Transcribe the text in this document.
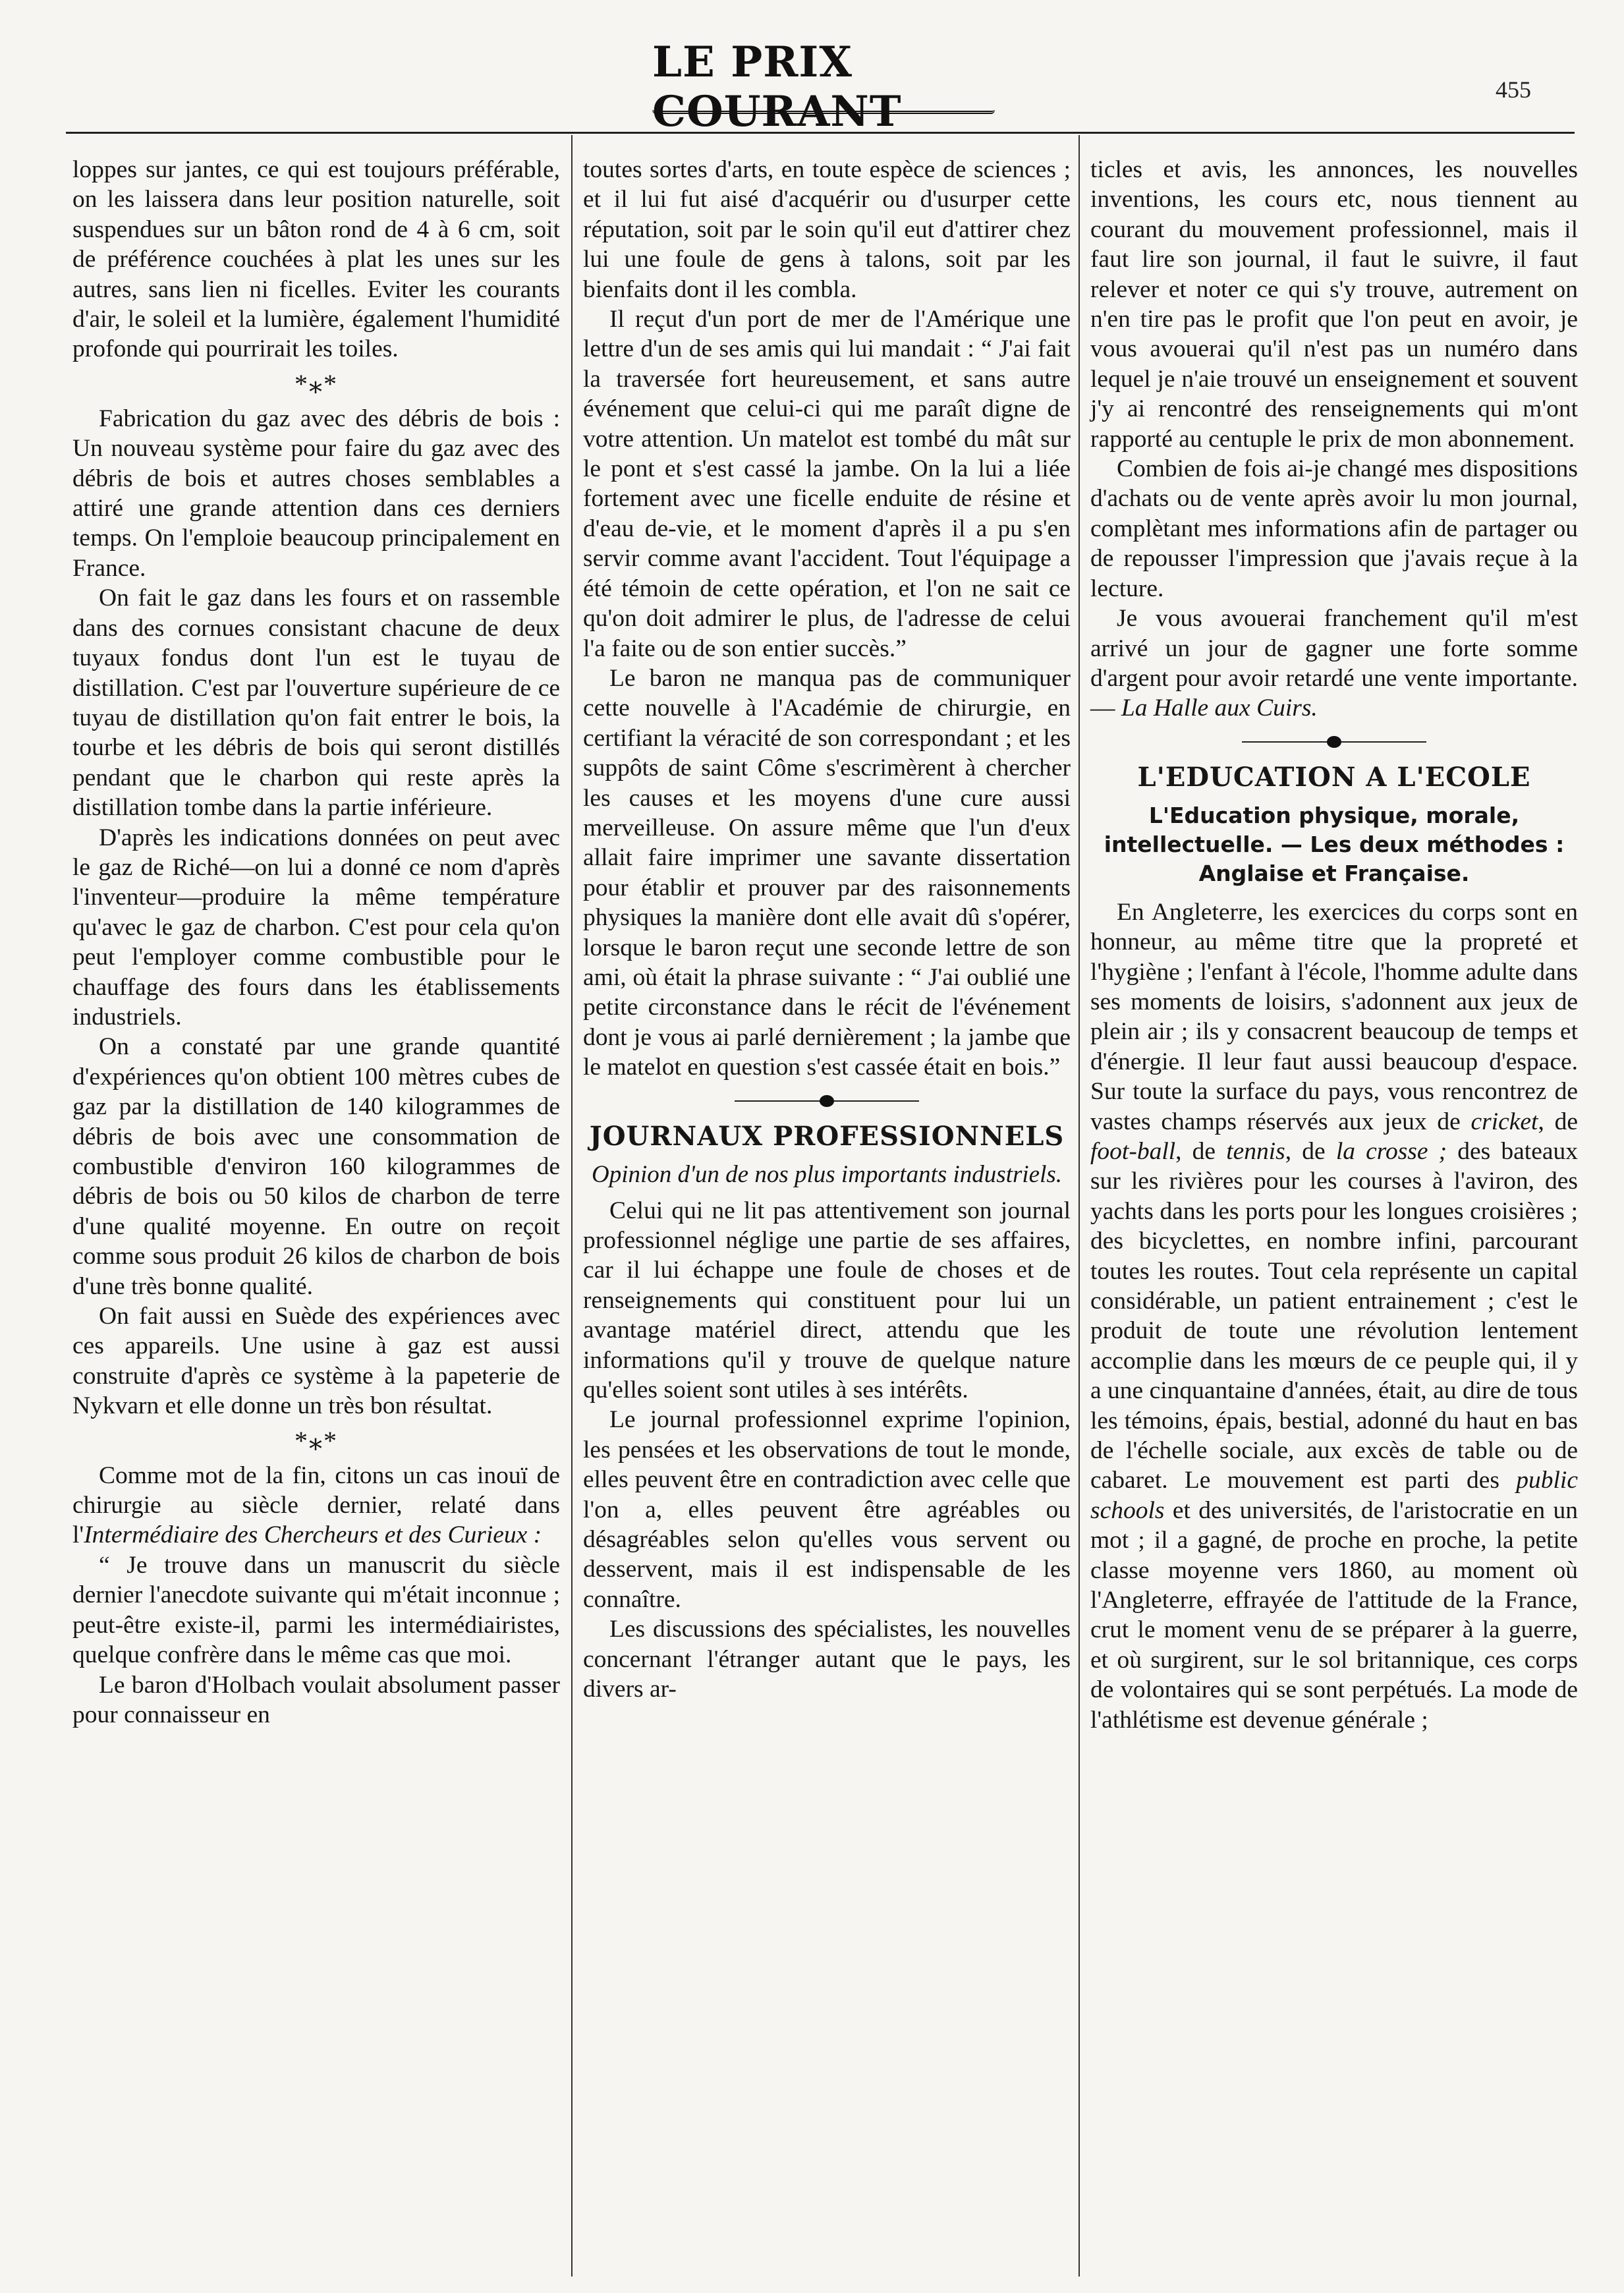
LE PRIX COURANT	455

loppes sur jantes, ce qui est toujours préférable, on les laissera dans leur position naturelle, soit suspendues sur un bâton rond de 4 à 6 cm, soit de préférence couchées à plat les unes sur les autres, sans lien ni ficelles. Eviter les courants d'air, le soleil et la lumière, également l'humidité profonde qui pourrirait les toiles.

*⁎*

Fabrication du gaz avec des débris de bois : Un nouveau système pour faire du gaz avec des débris de bois et autres choses semblables a attiré une grande attention dans ces derniers temps. On l'emploie beaucoup principalement en France.

On fait le gaz dans les fours et on rassemble dans des cornues consistant chacune de deux tuyaux fondus dont l'un est le tuyau de distillation. C'est par l'ouverture supérieure de ce tuyau de distillation qu'on fait entrer le bois, la tourbe et les débris de bois qui seront distillés pendant que le charbon qui reste après la distillation tombe dans la partie inférieure.

D'après les indications données on peut avec le gaz de Riché—on lui a donné ce nom d'après l'inventeur—produire la même température qu'avec le gaz de charbon. C'est pour cela qu'on peut l'employer comme combustible pour le chauffage des fours dans les établissements industriels.

On a constaté par une grande quantité d'expériences qu'on obtient 100 mètres cubes de gaz par la distillation de 140 kilogrammes de débris de bois avec une consommation de combustible d'environ 160 kilogrammes de débris de bois ou 50 kilos de charbon de terre d'une qualité moyenne. En outre on reçoit comme sous produit 26 kilos de charbon de bois d'une très bonne qualité.

On fait aussi en Suède des expériences avec ces appareils. Une usine à gaz est aussi construite d'après ce système à la papeterie de Nykvarn et elle donne un très bon résultat.

*⁎*

Comme mot de la fin, citons un cas inouï de chirurgie au siècle dernier, relaté dans l'Intermédiaire des Chercheurs et des Curieux :

“ Je trouve dans un manuscrit du siècle dernier l'anecdote suivante qui m'était inconnue ; peut-être existe-il, parmi les intermédiairistes, quelque confrère dans le même cas que moi.

Le baron d'Holbach voulait absolument passer pour connaisseur en

toutes sortes d'arts, en toute espèce de sciences ; et il lui fut aisé d'acquérir ou d'usurper cette réputation, soit par le soin qu'il eut d'attirer chez lui une foule de gens à talons, soit par les bienfaits dont il les combla.

Il reçut d'un port de mer de l'Amérique une lettre d'un de ses amis qui lui mandait : “ J'ai fait la traversée fort heureusement, et sans autre événement que celui-ci qui me paraît digne de votre attention. Un matelot est tombé du mât sur le pont et s'est cassé la jambe. On la lui a liée fortement avec une ficelle enduite de résine et d'eau de-vie, et le moment d'après il a pu s'en servir comme avant l'accident. Tout l'équipage a été témoin de cette opération, et l'on ne sait ce qu'on doit admirer le plus, de l'adresse de celui l'a faite ou de son entier succès.”

Le baron ne manqua pas de communiquer cette nouvelle à l'Académie de chirurgie, en certifiant la véracité de son correspondant ; et les suppôts de saint Côme s'escrimèrent à chercher les causes et les moyens d'une cure aussi merveilleuse. On assure même que l'un d'eux allait faire imprimer une savante dissertation pour établir et prouver par des raisonnements physiques la manière dont elle avait dû s'opérer, lorsque le baron reçut une seconde lettre de son ami, où était la phrase suivante : “ J'ai oublié une petite circonstance dans le récit de l'événement dont je vous ai parlé dernièrement ; la jambe que le matelot en question s'est cassée était en bois.”

JOURNAUX PROFESSIONNELS
Opinion d'un de nos plus importants industriels.

Celui qui ne lit pas attentivement son journal professionnel néglige une partie de ses affaires, car il lui échappe une foule de choses et de renseignements qui constituent pour lui un avantage matériel direct, attendu que les informations qu'il y trouve de quelque nature qu'elles soient sont utiles à ses intérêts.

Le journal professionnel exprime l'opinion, les pensées et les observations de tout le monde, elles peuvent être en contradiction avec celle que l'on a, elles peuvent être agréables ou désagréables selon qu'elles vous servent ou desservent, mais il est indispensable de les connaître.

Les discussions des spécialistes, les nouvelles concernant l'étranger autant que le pays, les divers ar-

ticles et avis, les annonces, les nouvelles inventions, les cours etc, nous tiennent au courant du mouvement professionnel, mais il faut lire son journal, il faut le suivre, il faut relever et noter ce qui s'y trouve, autrement on n'en tire pas le profit que l'on peut en avoir, je vous avouerai qu'il n'est pas un numéro dans lequel je n'aie trouvé un enseignement et souvent j'y ai rencontré des renseignements qui m'ont rapporté au centuple le prix de mon abonnement.

Combien de fois ai-je changé mes dispositions d'achats ou de vente après avoir lu mon journal, complètant mes informations afin de partager ou de repousser l'impression que j'avais reçue à la lecture.

Je vous avouerai franchement qu'il m'est arrivé un jour de gagner une forte somme d'argent pour avoir retardé une vente importante.— La Halle aux Cuirs.

L'EDUCATION A L'ECOLE
L'Education physique, morale, intellectuelle. — Les deux méthodes : Anglaise et Française.

En Angleterre, les exercices du corps sont en honneur, au même titre que la propreté et l'hygiène ; l'enfant à l'école, l'homme adulte dans ses moments de loisirs, s'adonnent aux jeux de plein air ; ils y consacrent beaucoup de temps et d'énergie. Il leur faut aussi beaucoup d'espace. Sur toute la surface du pays, vous rencontrez de vastes champs réservés aux jeux de cricket, de foot-ball, de tennis, de la crosse ; des bateaux sur les rivières pour les courses à l'aviron, des yachts dans les ports pour les longues croisières ; des bicyclettes, en nombre infini, parcourant toutes les routes. Tout cela représente un capital considérable, un patient entrainement ; c'est le produit de toute une révolution lentement accomplie dans les mœurs de ce peuple qui, il y a une cinquantaine d'années, était, au dire de tous les témoins, épais, bestial, adonné du haut en bas de l'échelle sociale, aux excès de table ou de cabaret. Le mouvement est parti des public schools et des universités, de l'aristocratie en un mot ; il a gagné, de proche en proche, la petite classe moyenne vers 1860, au moment où l'Angleterre, effrayée de l'attitude de la France, crut le moment venu de se préparer à la guerre, et où surgirent, sur le sol britannique, ces corps de volontaires qui se sont perpétués. La mode de l'athlétisme est devenue générale ;
